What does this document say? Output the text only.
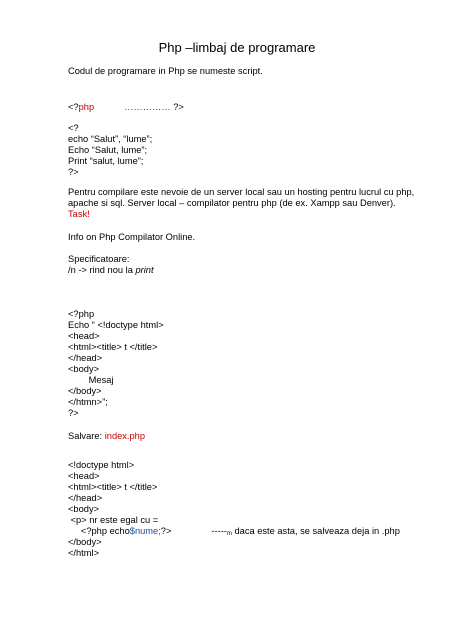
Php –limbaj de programare
Codul de programare in Php se numeste script.
<?php	…………… ?>
<?
echo “Salut”, “lume”;
Echo “Salut, lume”;
Print “salut, lume”;
?>
Pentru compilare este nevoie de un server local sau un hosting pentru lucrul cu php,
apache si sql. Server local – compilator pentru php (de ex. Xampp sau Denver).
Task!
Info on Php Compilator Online.
Specificatoare:
/n -> rind nou la print
<?php
Echo “ <!doctype html>
<head>
<html><title> t </title>
</head>
<body>
Mesaj
</body>
</htmn>”;
?>
Salvare: index.php
<!doctype html>
<head>
<html><title> t </title>
</head>
<body>
<p> nr este egal cu =
<?php echo$nume;?>	-----m daca este asta, se salveaza deja in .php
</body>
</html>
